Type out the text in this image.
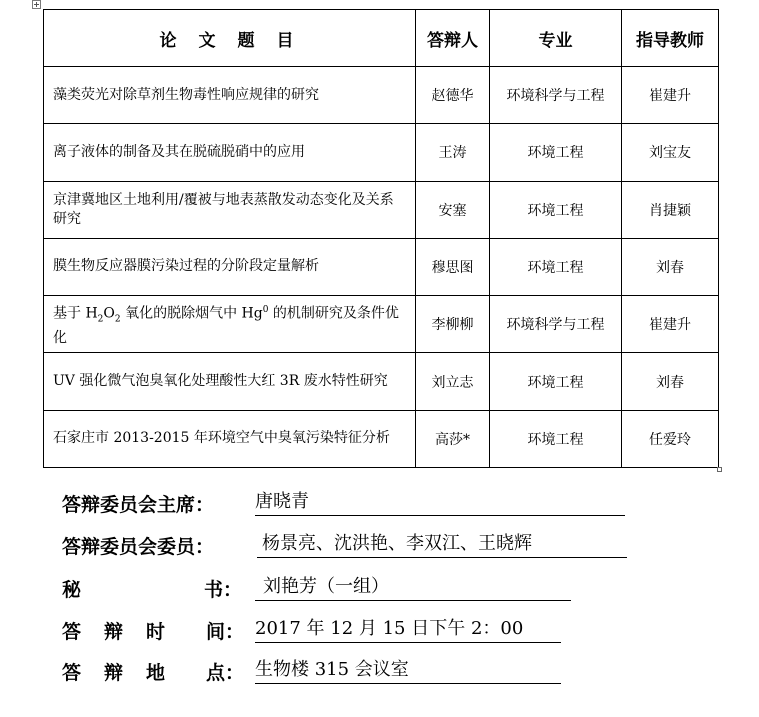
论文题目	答辩人	专业	指导教师
藻类荧光对除草剂生物毒性响应规律的研究	赵德华	环境科学与工程	崔建升
离子液体的制备及其在脱硫脱硝中的应用	王涛	环境工程	刘宝友
京津冀地区土地利用/覆被与地表蒸散发动态变化及关系研究	安塞	环境工程	肖捷颖
膜生物反应器膜污染过程的分阶段定量解析	穆思图	环境工程	刘春
基于 $H_2O_2$ 氧化的脱除烟气中 Hg$^0$ 的机制研究及条件优化	李柳柳	环境科学与工程	崔建升
UV 强化微气泡臭氧化处理酸性大红 3R 废水特性研究	刘立志	环境工程	刘春
石家庄市 2013-2015 年环境空气中臭氧污染特征分析	高莎*	环境工程	任爱玲
答辩委员会主席： 唐晓青
答辩委员会委员：	杨景亮、沈洪艳、李双江、王晓辉
秘	书：	刘艳芳（一组）
答辩时 间： 2017 年 12 月 15 日下午 2：00
答辩地 点： 生物楼 315 会议室
